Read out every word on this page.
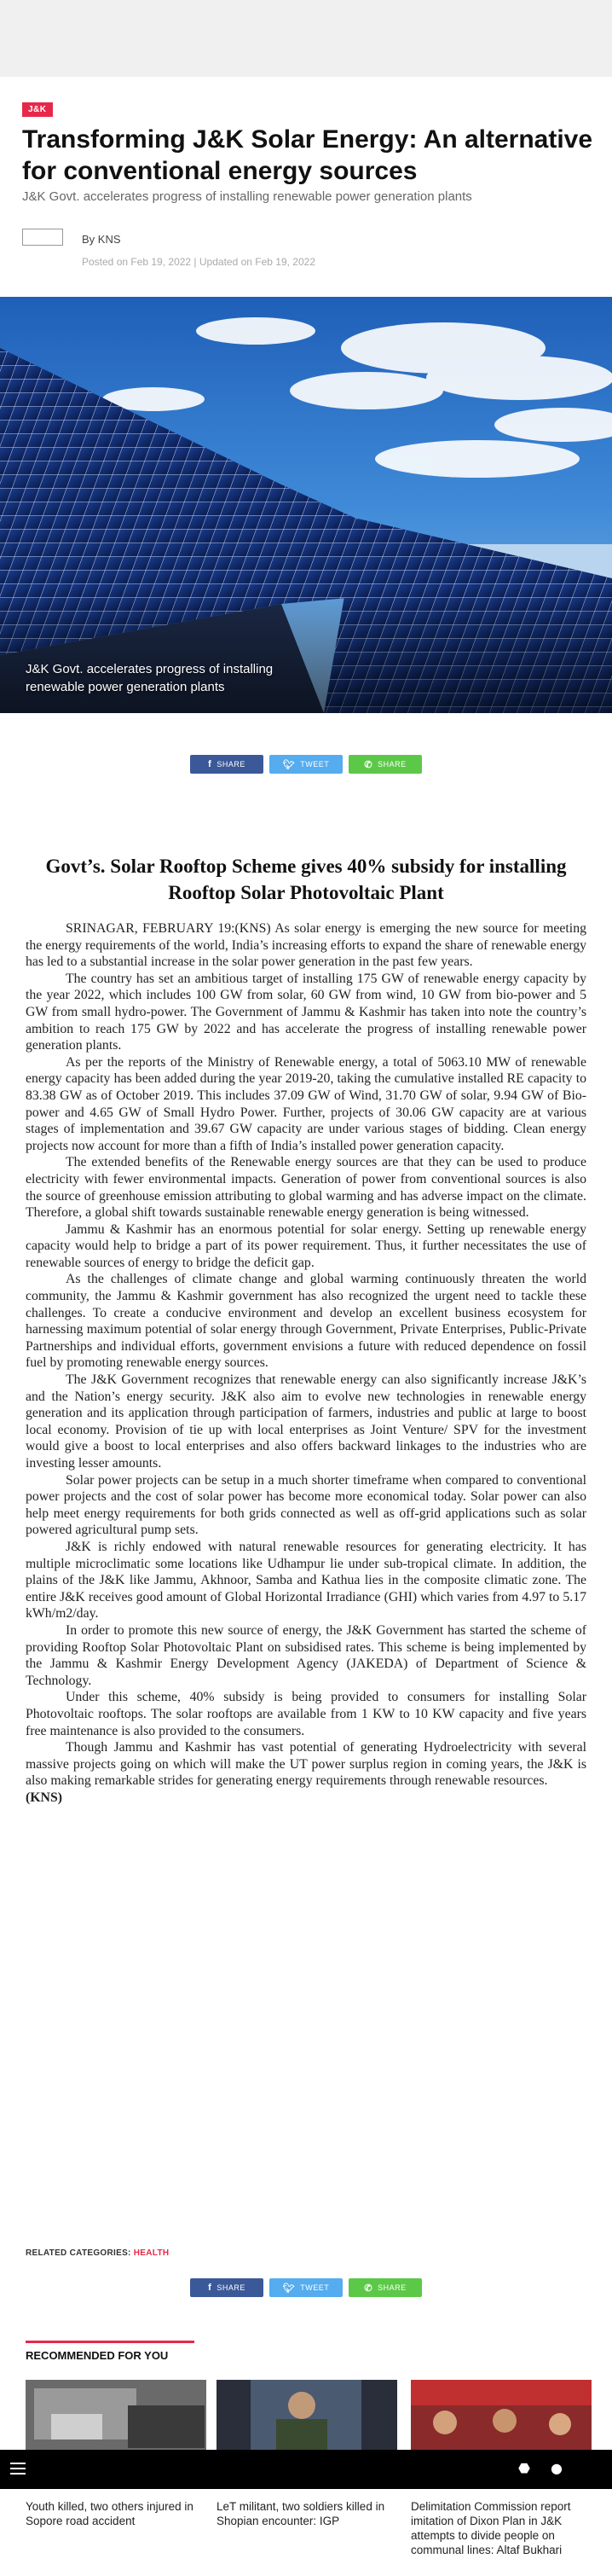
J&K
Transforming J&K Solar Energy: An alternative for conventional energy sources
J&K Govt. accelerates progress of installing renewable power generation plants
By KNS
Posted on Feb 19, 2022 | Updated on Feb 19, 2022
J&K Govt. accelerates progress of installing renewable power generation plants
f SHARE	🐦︎ TWEET	✆ SHARE
Govt’s. Solar Rooftop Scheme gives 40% subsidy for installing Rooftop Solar Photovoltaic Plant

SRINAGAR, FEBRUARY 19:(KNS) As solar energy is emerging the new source for meeting the energy requirements of the world, India’s increasing efforts to expand the share of renewable energy has led to a substantial increase in the solar power generation in the past few years.

The country has set an ambitious target of installing 175 GW of renewable energy capacity by the year 2022, which includes 100 GW from solar, 60 GW from wind, 10 GW from bio-power and 5 GW from small hydro-power. The Government of Jammu & Kashmir has taken into note the country’s ambition to reach 175 GW by 2022 and has accelerate the progress of installing renewable power generation plants.

As per the reports of the Ministry of Renewable energy, a total of 5063.10 MW of renewable energy capacity has been added during the year 2019-20, taking the cumulative installed RE capacity to 83.38 GW as of October 2019. This includes 37.09 GW of Wind, 31.70 GW of solar, 9.94 GW of Bio-power and 4.65 GW of Small Hydro Power. Further, projects of 30.06 GW capacity are at various stages of implementation and 39.67 GW capacity are under various stages of bidding. Clean energy projects now account for more than a fifth of India’s installed power generation capacity.

The extended benefits of the Renewable energy sources are that they can be used to produce electricity with fewer environmental impacts. Generation of power from conventional sources is also the source of greenhouse emission attributing to global warming and has adverse impact on the climate. Therefore, a global shift towards sustainable renewable energy generation is being witnessed.

Jammu & Kashmir has an enormous potential for solar energy. Setting up renewable energy capacity would help to bridge a part of its power requirement. Thus, it further necessitates the use of renewable sources of energy to bridge the deficit gap.

As the challenges of climate change and global warming continuously threaten the world community, the Jammu & Kashmir government has also recognized the urgent need to tackle these challenges. To create a conducive environment and develop an excellent business ecosystem for harnessing maximum potential of solar energy through Government, Private Enterprises, Public-Private Partnerships and individual efforts, government envisions a future with reduced dependence on fossil fuel by promoting renewable energy sources.

The J&K Government recognizes that renewable energy can also significantly increase J&K’s and the Nation’s energy security. J&K also aim to evolve new technologies in renewable energy generation and its application through participation of farmers, industries and public at large to boost local economy. Provision of tie up with local enterprises as Joint Venture/ SPV for the investment would give a boost to local enterprises and also offers backward linkages to the industries who are investing lesser amounts.

Solar power projects can be setup in a much shorter timeframe when compared to conventional power projects and the cost of solar power has become more economical today. Solar power can also help meet energy requirements for both grids connected as well as off-grid applications such as solar powered agricultural pump sets.

J&K is richly endowed with natural renewable resources for generating electricity. It has multiple microclimatic some locations like Udhampur lie under sub-tropical climate. In addition, the plains of the J&K like Jammu, Akhnoor, Samba and Kathua lies in the composite climatic zone. The entire J&K receives good amount of Global Horizontal Irradiance (GHI) which varies from 4.97 to 5.17 kWh/m2/day.

In order to promote this new source of energy, the J&K Government has started the scheme of providing Rooftop Solar Photovoltaic Plant on subsidised rates. This scheme is being implemented by the Jammu & Kashmir Energy Development Agency (JAKEDA) of Department of Science & Technology.

Under this scheme, 40% subsidy is being provided to consumers for installing Solar Photovoltaic rooftops. The solar rooftops are available from 1 KW to 10 KW capacity and five years free maintenance is also provided to the consumers.

Though Jammu and Kashmir has vast potential of generating Hydroelectricity with several massive projects going on which will make the UT power surplus region in coming years, the J&K is also making remarkable strides for generating energy requirements through renewable resources.

(KNS)
RELATED CATEGORIES: HEALTH
f SHARE	🐦︎ TWEET	✆ SHARE
RECOMMENDED FOR YOU
Youth killed, two others injured in Sopore road accident
LeT militant, two soldiers killed in Shopian encounter: IGP
Delimitation Commission report imitation of Dixon Plan in J&K attempts to divide people on communal lines: Altaf Bukhari
⬣ ●
